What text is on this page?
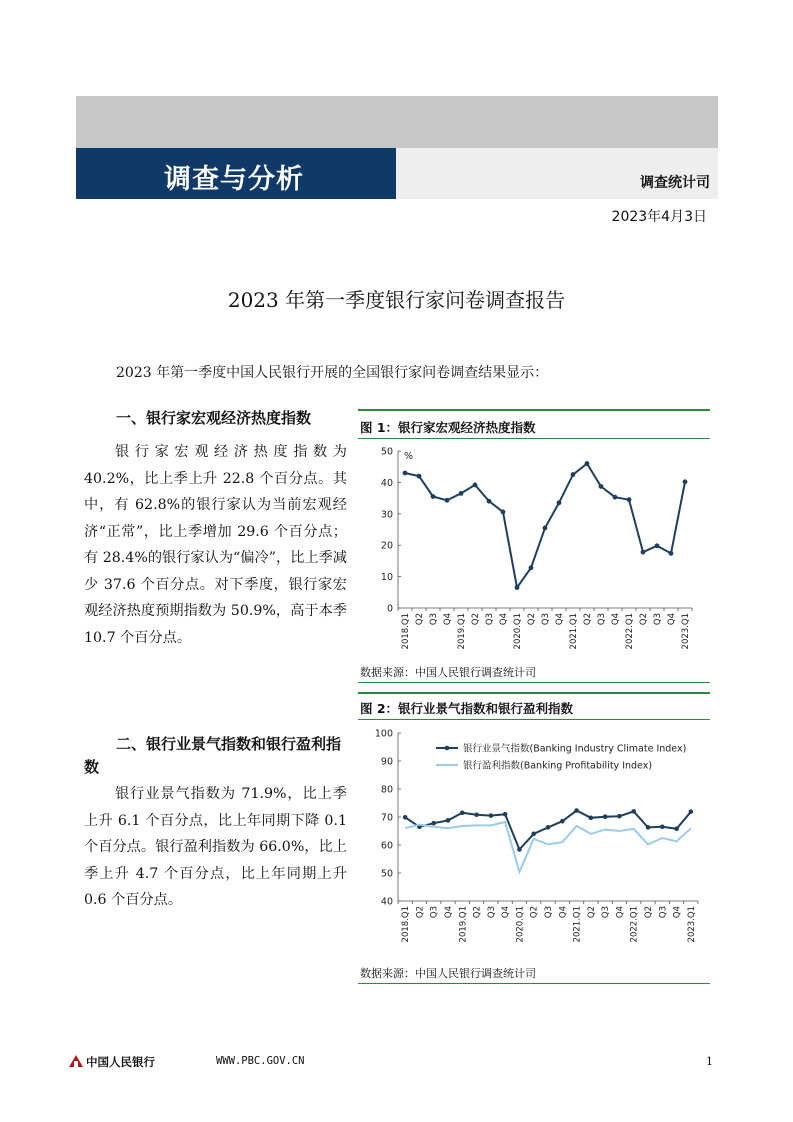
调查与分析	调查统计司
2023年4月3日
2023 年第一季度银行家问卷调查报告
2023 年第一季度中国人民银行开展的全国银行家问卷调查结果显示：
一、银行家宏观经济热度指数
银行家宏观经济热度指数为 40.2%，比上季上升 22.8 个百分点。其中，有 62.8%的银行家认为当前宏观经济“正常”，比上季增加 29.6 个百分点；有 28.4%的银行家认为“偏冷”，比上季减少 37.6 个百分点。对下季度，银行家宏观经济热度预期指数为 50.9%，高于本季 10.7 个百分点。
二、银行业景气指数和银行盈利指数
银行业景气指数为 71.9%，比上季上升 6.1 个百分点，比上年同期下降 0.1 个百分点。银行盈利指数为 66.0%，比上季上升 4.7 个百分点，比上年同期上升 0.6 个百分点。
图 1：银行家宏观经济热度指数
0
10
20
30
40
50 %
2018.Q1 Q2 Q3 Q4 2019.Q1 Q2 Q3 Q4 2020.Q1 Q2 Q3 Q4 2021.Q1 Q2 Q3 Q4 2022.Q1 Q2 Q3 Q4 2023.Q1
数据来源：中国人民银行调查统计司
图 2：银行业景气指数和银行盈利指数
40
50
60
70
80
90
100
2018.Q1 Q2 Q3 Q4 2019.Q1 Q2 Q3 Q4 2020.Q1 Q2 Q3 Q4 2021.Q1 Q2 Q3 Q4 2022.Q1 Q2 Q3 Q4 2023.Q1
银行业景气指数(Banking Industry Climate Index)
银行盈利指数(Banking Profitability Index)
数据来源：中国人民银行调查统计司
中国人民银行	WWW.PBC.GOV.CN	1
